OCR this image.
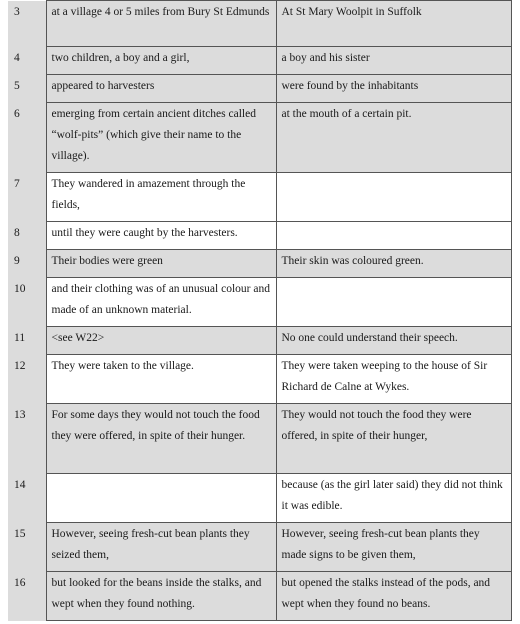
3	at a village 4 or 5 miles from Bury St Edmunds	At St Mary Woolpit in Suffolk
4	two children, a boy and a girl,	a boy and his sister
5	appeared to harvesters	were found by the inhabitants
6	emerging from certain ancient ditches called “wolf-pits” (which give their name to the village).	at the mouth of a certain pit.
7	They wandered in amazement through the fields,	
8	until they were caught by the harvesters.	
9	Their bodies were green	Their skin was coloured green.
10	and their clothing was of an unusual colour and made of an unknown material.	
11	<see W22>	No one could understand their speech.
12	They were taken to the village.	They were taken weeping to the house of Sir Richard de Calne at Wykes.
13	For some days they would not touch the food they were offered, in spite of their hunger.	They would not touch the food they were offered, in spite of their hunger,
14		because (as the girl later said) they did not think it was edible.
15	However, seeing fresh-cut bean plants they seized them,	However, seeing fresh-cut bean plants they made signs to be given them,
16	but looked for the beans inside the stalks, and wept when they found nothing.	but opened the stalks instead of the pods, and wept when they found no beans.
